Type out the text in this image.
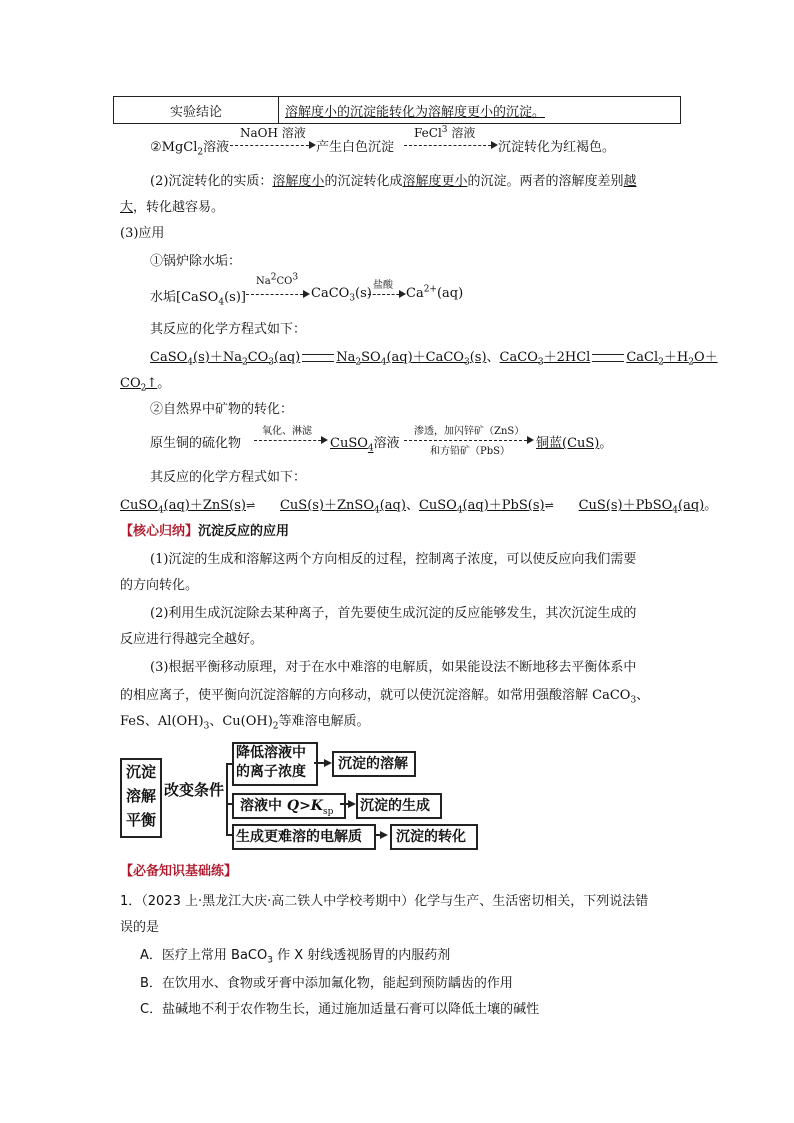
实验结论	溶解度小的沉淀能转化为溶解度更小的沉淀。
②MgCl$_2$溶液
NaOH 溶液
产生白色沉淀
FeCl$^3$ 溶液
沉淀转化为红褐色。
(2)沉淀转化的实质：溶解度小的沉淀转化成溶解度更小的沉淀。两者的溶解度差别越
大，转化越容易。
(3)应用
①锅炉除水垢：
水垢[CaSO$_4$(s)]
$Na^2CO^3$
CaCO$_3$(s)
盐酸
→ $Ca^{2+}(aq)$
其反应的化学方程式如下：
$CaSO_4(s)+Na_2CO_3(aq)$	$Na_2SO_4(aq)+CaCO_3(s)$、CaCO$_3$＋2HCl	$CaCl_2+H_2O+$
$CO_2↑$。
②自然界中矿物的转化：
原生铜的硫化物
氧化、淋滤
CuSO$_4$溶液
渗透，加闪锌矿（ZnS）
和方铅矿（PbS）
铜蓝(CuS)。
其反应的化学方程式如下：
CuSO$_4$(aq)＋ZnS(s)⇌ CuS(s)＋ZnSO$_4$(aq)、CuSO$_4$(aq)＋PbS(s)⇌ CuS(s)＋PbSO$_4$(aq)。
【核心归纳】沉淀反应的应用
(1)沉淀的生成和溶解这两个方向相反的过程，控制离子浓度，可以使反应向我们需要
的方向转化。
(2)利用生成沉淀除去某种离子，首先要使生成沉淀的反应能够发生，其次沉淀生成的
反应进行得越完全越好。
(3)根据平衡移动原理，对于在水中难溶的电解质，如果能设法不断地移去平衡体系中
的相应离子，使平衡向沉淀溶解的方向移动，就可以使沉淀溶解。如常用强酸溶解 CaCO$_3$、
FeS、$Al(OH)_3$、$Cu(OH)_2$等难溶电解质。
沉淀
溶解
平衡
改变条件
降低溶液中
的离子浓度	沉淀的溶解
溶液中 $Q>K_{sp}$	沉淀的生成
生成更难溶的电解质	沉淀的转化
【必备知识基础练】
1．（2023 上·黑龙江大庆·高二铁人中学校考期中）化学与生产、生活密切相关，下列说法错
误的是
A．医疗上常用 BaCO$_3$ 作 X 射线透视肠胃的内服药剂
B．在饮用水、食物或牙膏中添加氟化物，能起到预防龋齿的作用
C．盐碱地不利于农作物生长，通过施加适量石膏可以降低土壤的碱性
